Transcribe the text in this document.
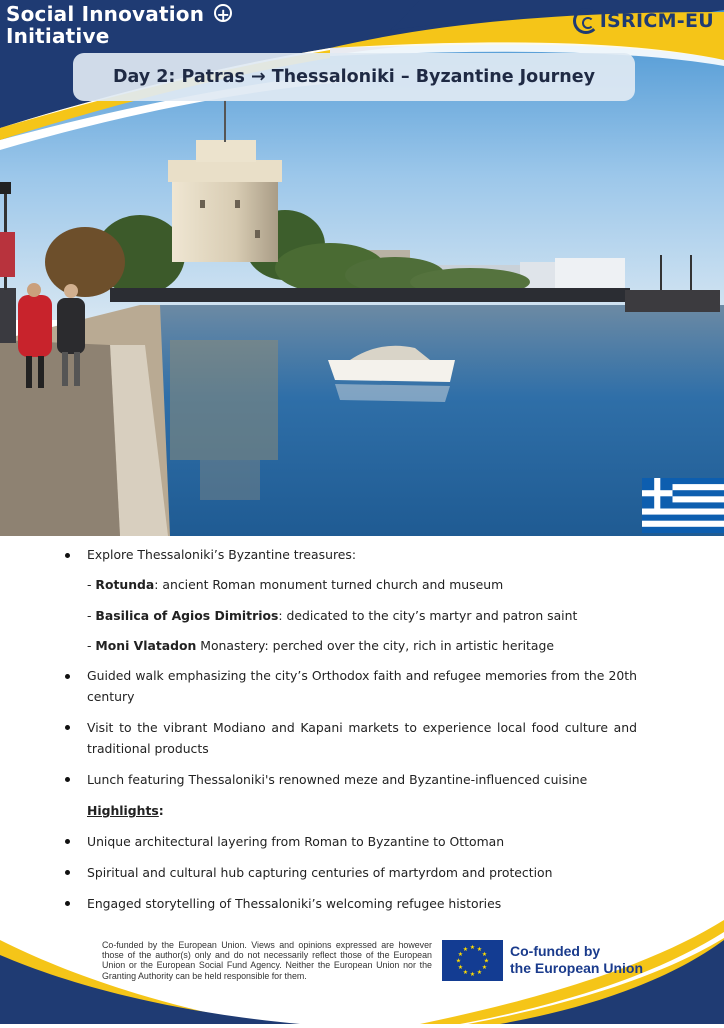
Social Innovation +
Initiative
ISRICM-EU
Day 2: Patras → Thessaloniki – Byzantine Journey
Explore Thessaloniki’s Byzantine treasures:
- Rotunda: ancient Roman monument turned church and museum
- Basilica of Agios Dimitrios: dedicated to the city’s martyr and patron saint
- Moni Vlatadon Monastery: perched over the city, rich in artistic heritage
Guided walk emphasizing the city’s Orthodox faith and refugee memories from the 20th century
Visit to the vibrant Modiano and Kapani markets to experience local food culture and traditional products
Lunch featuring Thessaloniki's renowned meze and Byzantine-influenced cuisine
Highlights:
Unique architectural layering from Roman to Byzantine to Ottoman
Spiritual and cultural hub capturing centuries of martyrdom and protection
Engaged storytelling of Thessaloniki’s welcoming refugee histories
Co-funded by the European Union. Views and opinions expressed are however those of the author(s) only and do not necessarily reflect those of the European Union or the European Social Fund Agency. Neither the European Union nor the Granting Authority can be held responsible for them.
★ ★
★
★
★
★
★
★
★
★
★
★	Co-funded by
the European Union
